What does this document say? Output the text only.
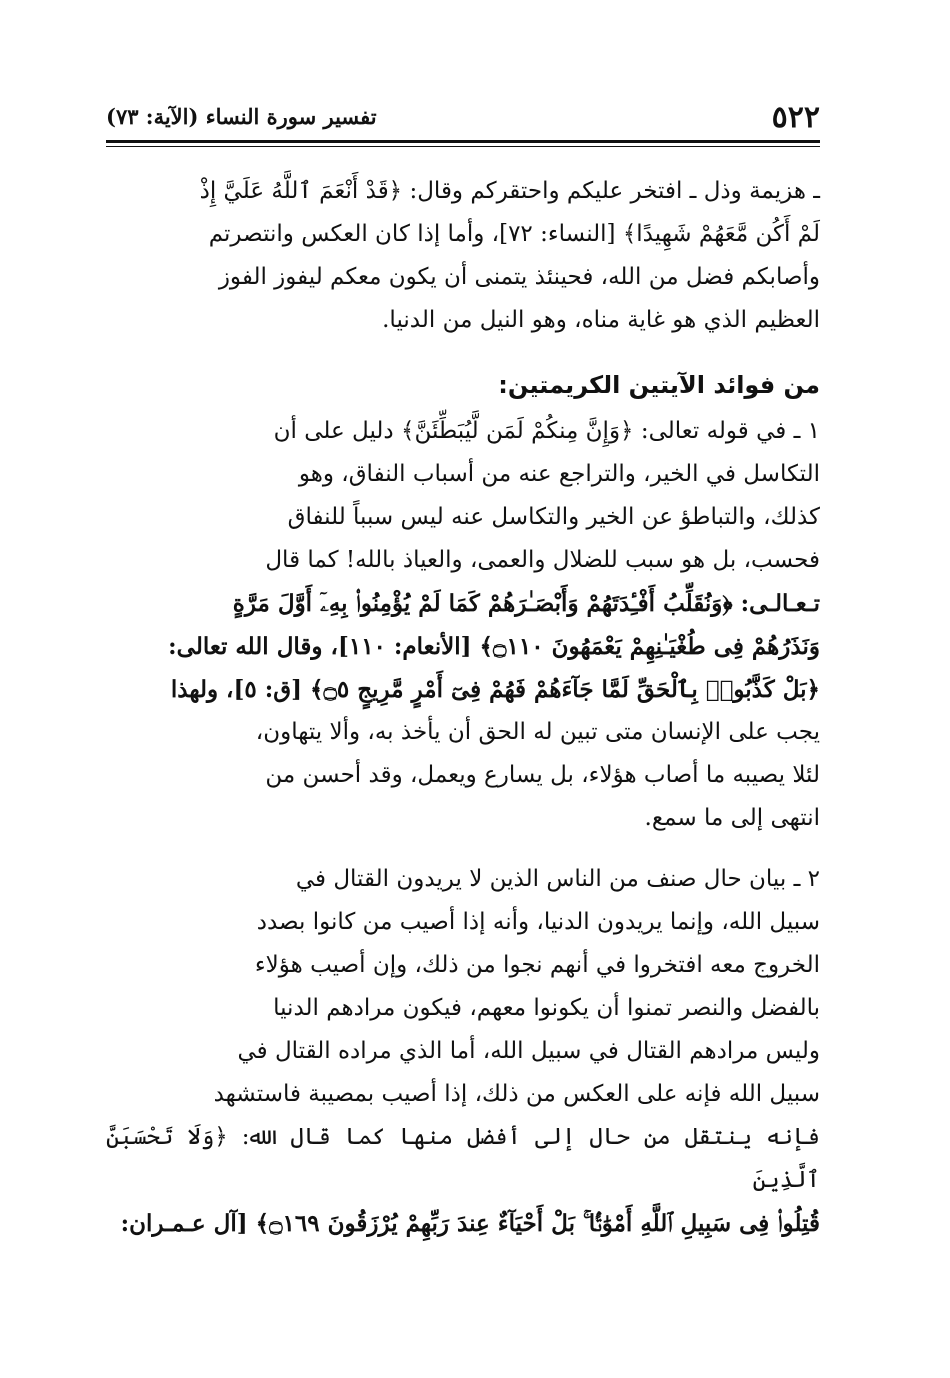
٥٢٢
تفسير سورة النساء (الآية: ٧٣)

ـ هزيمة وذل ـ افتخر عليكم واحتقركم وقال: ﴿قَدْ أَنْعَمَ ٱللَّهُ عَلَيَّ إِذْ

لَمْ أَكُن مَّعَهُمْ شَهِيدًا﴾ [النساء: ٧٢]، وأما إذا كان العكس وانتصرتم

وأصابكم فضل من الله، فحينئذ يتمنى أن يكون معكم ليفوز الفوز

العظيم الذي هو غاية مناه، وهو النيل من الدنيا.

من فوائد الآيتين الكريمتين:

١ ـ في قوله تعالى: ﴿وَإِنَّ مِنكُمْ لَمَن لَّيُبَطِّئَنَّ﴾ دليل على أن

التكاسل في الخير، والتراجع عنه من أسباب النفاق، وهو

كذلك، والتباطؤ عن الخير والتكاسل عنه ليس سبباً للنفاق

فحسب، بل هو سبب للضلال والعمى، والعياذ بالله! كما قال

تـعـالـى: ﴿وَنُقَلِّبُ أَفْـِٔدَتَهُمْ وَأَبْصَـٰرَهُمْ كَمَا لَمْ يُؤْمِنُوا۟ بِهِۦٓ أَوَّلَ مَرَّةٍ

وَنَذَرُهُمْ فِى طُغْيَـٰنِهِمْ يَعْمَهُونَ ۝١١٠﴾ [الأنعام: ١١٠]، وقال الله تعالى:

﴿بَلْ كَذَّبُوا۟ بِٱلْحَقِّ لَمَّا جَآءَهُمْ فَهُمْ فِىٓ أَمْرٍ مَّرِيجٍ ۝٥﴾ [ق: ٥]، ولهذا

يجب على الإنسان متى تبين له الحق أن يأخذ به، وألا يتهاون،

لئلا يصيبه ما أصاب هؤلاء، بل يسارع ويعمل، وقد أحسن من

انتهى إلى ما سمع.

٢ ـ بيان حال صنف من الناس الذين لا يريدون القتال في

سبيل الله، وإنما يريدون الدنيا، وأنه إذا أصيب من كانوا بصدد

الخروج معه افتخروا في أنهم نجوا من ذلك، وإن أصيب هؤلاء

بالفضل والنصر تمنوا أن يكونوا معهم، فيكون مرادهم الدنيا

وليس مرادهم القتال في سبيل الله، أما الذي مراده القتال في

سبيل الله فإنه على العكس من ذلك، إذا أصيب بمصيبة فاستشهد

فإنه ينتقل من حال إلى أفضل منها كما قال الله: ﴿وَلَا تَحْسَبَنَّ ٱلَّذِينَ

قُتِلُوا۟ فِى سَبِيلِ ٱللَّهِ أَمْوَٰتًۢا ۚ بَلْ أَحْيَآءٌ عِندَ رَبِّهِمْ يُرْزَقُونَ ۝١٦٩﴾ [آل عـمـران:
